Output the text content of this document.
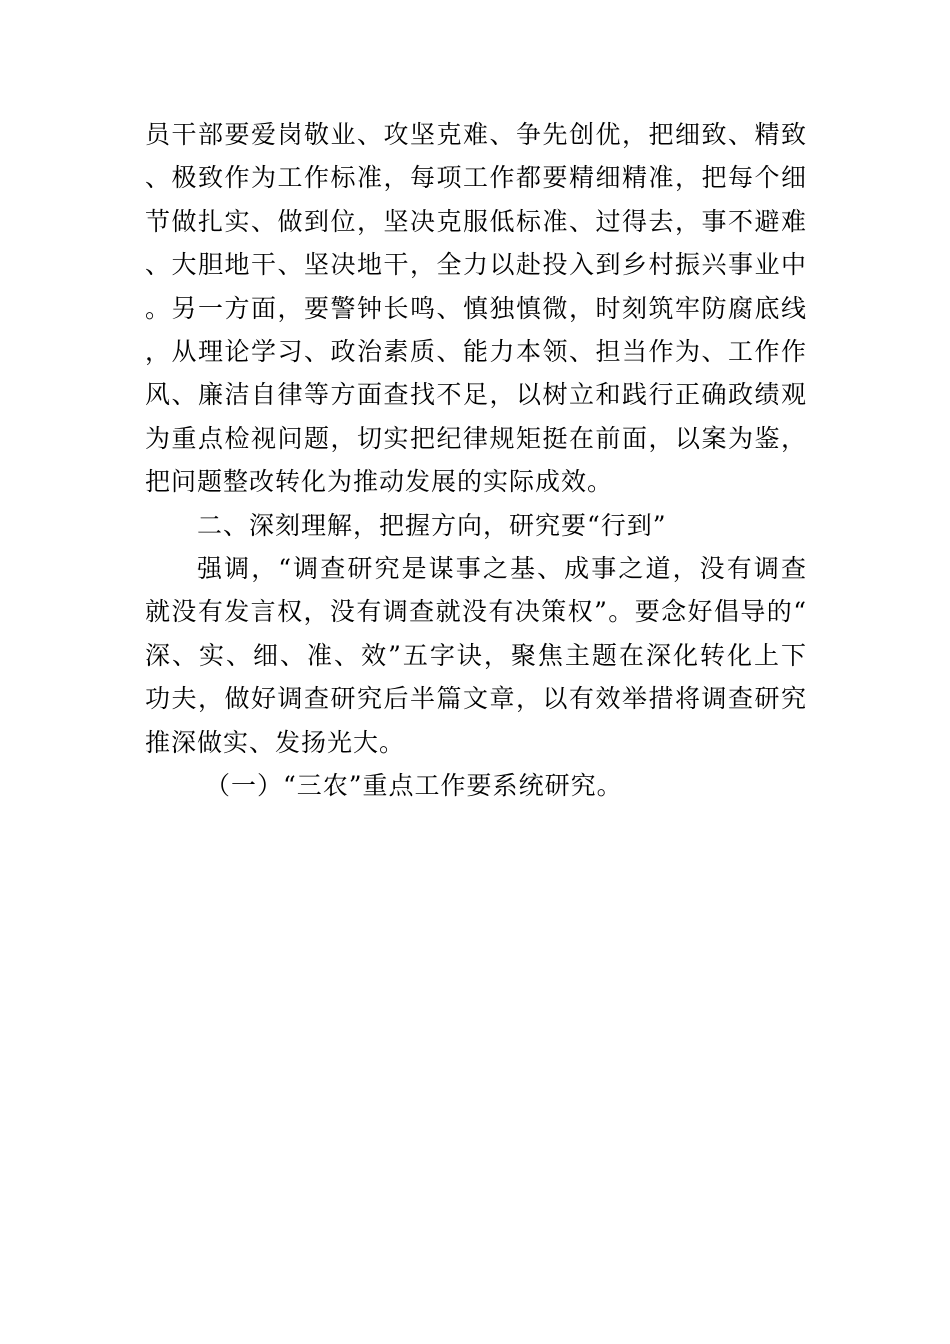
员干部要爱岗敬业、攻坚克难、争先创优，把细致、精致、极致作为工作标准，每项工作都要精细精准，把每个细节做扎实、做到位，坚决克服低标准、过得去，事不避难、大胆地干、坚决地干，全力以赴投入到乡村振兴事业中。另一方面，要警钟长鸣、慎独慎微，时刻筑牢防腐底线，从理论学习、政治素质、能力本领、担当作为、工作作风、廉洁自律等方面查找不足，以树立和践行正确政绩观为重点检视问题，切实把纪律规矩挺在前面，以案为鉴，把问题整改转化为推动发展的实际成效。

二、深刻理解，把握方向，研究要“行到”

强调，“调查研究是谋事之基、成事之道，没有调查就没有发言权，没有调查就没有决策权”。要念好倡导的“深、实、细、准、效”五字诀，聚焦主题在深化转化上下功夫，做好调查研究后半篇文章，以有效举措将调查研究推深做实、发扬光大。

（一）“三农”重点工作要系统研究。
